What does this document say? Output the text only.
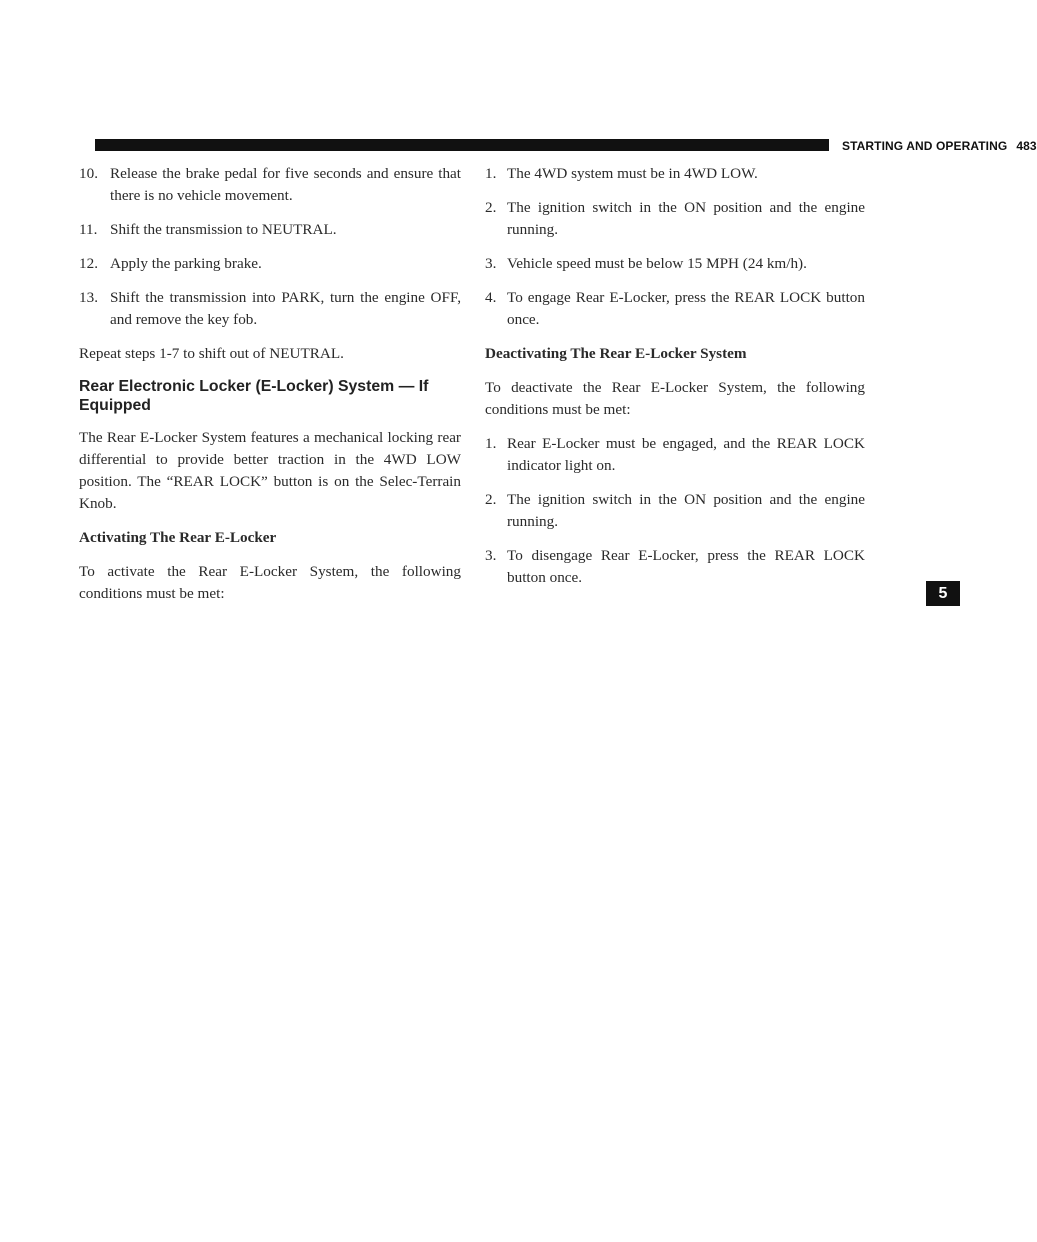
STARTING AND OPERATING 483
5
10. Release the brake pedal for five seconds and ensure that there is no vehicle movement.
11. Shift the transmission to NEUTRAL.
12. Apply the parking brake.
13. Shift the transmission into PARK, turn the engine OFF, and remove the key fob.

Repeat steps 1-7 to shift out of NEUTRAL.

Rear Electronic Locker (E-Locker) System — If Equipped

The Rear E-Locker System features a mechanical locking rear differential to provide better traction in the 4WD LOW position. The “REAR LOCK” button is on the Selec-Terrain Knob.

Activating The Rear E-Locker

To activate the Rear E-Locker System, the following conditions must be met:

1. The 4WD system must be in 4WD LOW.
2. The ignition switch in the ON position and the engine running.
3. Vehicle speed must be below 15 MPH (24 km/h).
4. To engage Rear E-Locker, press the REAR LOCK button once.
Deactivating The Rear E-Locker System

To deactivate the Rear E-Locker System, the following conditions must be met:

1. Rear E-Locker must be engaged, and the REAR LOCK indicator light on.
2. The ignition switch in the ON position and the engine running.
3. To disengage Rear E-Locker, press the REAR LOCK button once.
